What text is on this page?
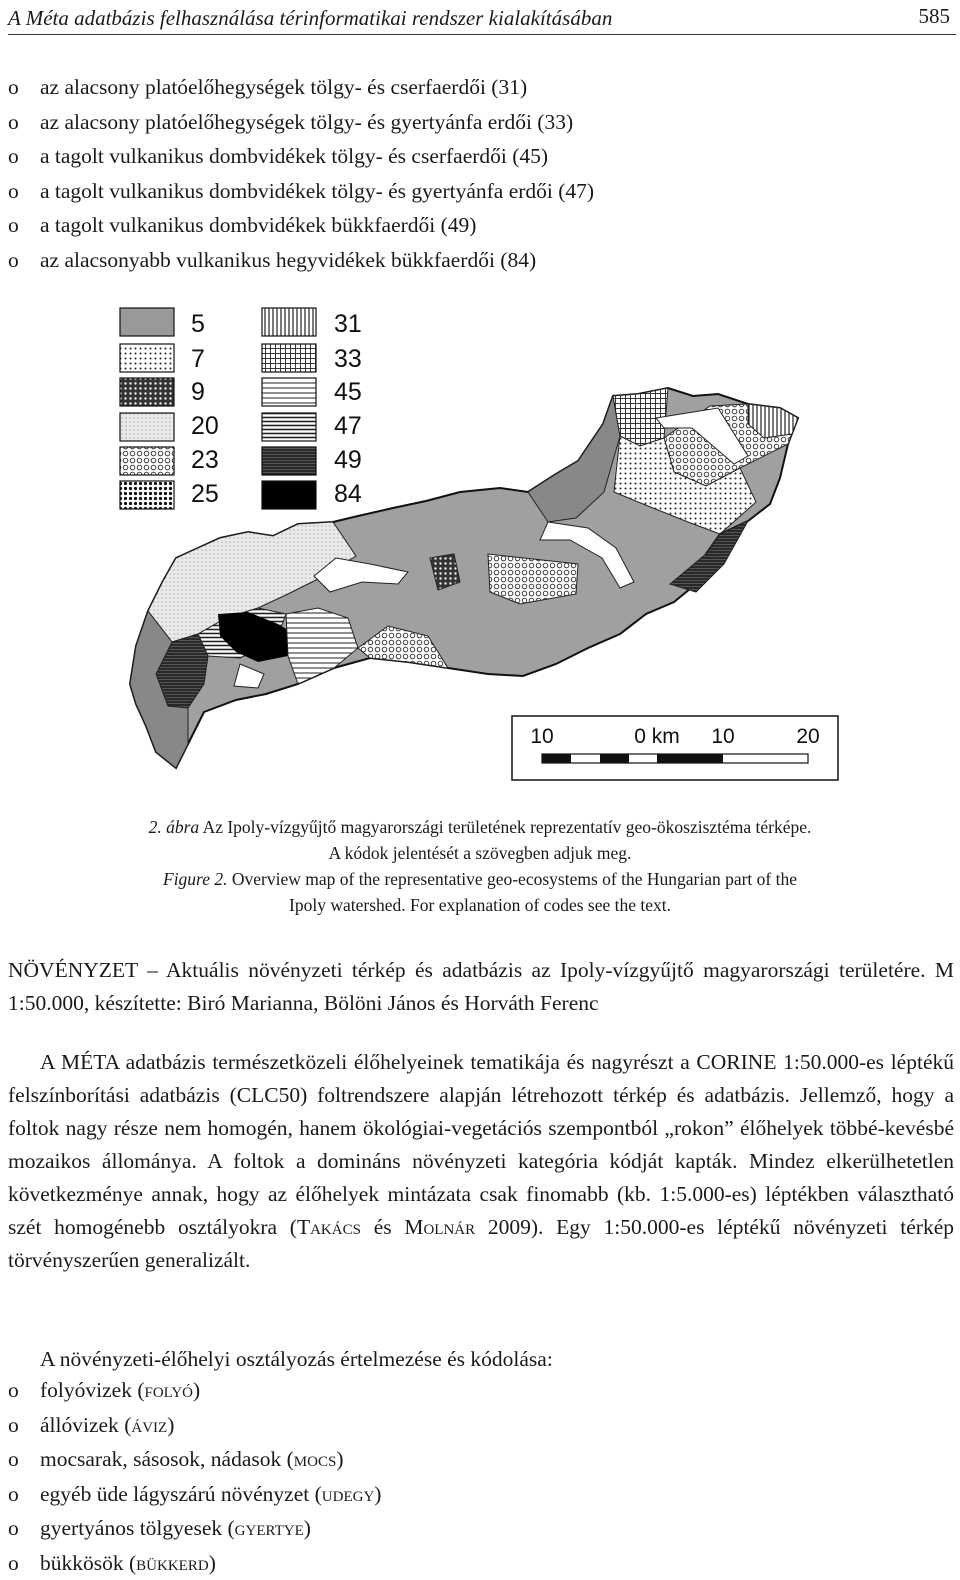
A Méta adatbázis felhasználása térinformatikai rendszer kialakításában	585
o az alacsony platóelőhegységek tölgy- és cserfaerdői (31)
o az alacsony platóelőhegységek tölgy- és gyertyánfa erdői (33)
o a tagolt vulkanikus dombvidékek tölgy- és cserfaerdői (45)
o a tagolt vulkanikus dombvidékek tölgy- és gyertyánfa erdői (47)
o a tagolt vulkanikus dombvidékek bükkfaerdői (49)
o az alacsonyabb vulkanikus hegyvidékek bükkfaerdői (84)
5
7
9
20
23
25
31
33
45
47
49
84
10	0 km 10	20
2. ábra Az Ipoly-vízgyűjtő magyarországi területének reprezentatív geo-ökoszisztéma térképe.
A kódok jelentését a szövegben adjuk meg.
Figure 2. Overview map of the representative geo-ecosystems of the Hungarian part of the
Ipoly watershed. For explanation of codes see the text.
NÖVÉNYZET – Aktuális növényzeti térkép és adatbázis az Ipoly-vízgyűjtő magyarországi területére. M 1:50.000, készítette: Biró Marianna, Bölöni János és Horváth Ferenc
A MÉTA adatbázis természetközeli élőhelyeinek tematikája és nagyrészt a CORINE 1:50.000-es léptékű felszínborítási adatbázis (CLC50) foltrendszere alapján létrehozott térkép és adatbázis. Jellemző, hogy a foltok nagy része nem homogén, hanem ökológiai-vegetációs szempontból „rokon” élőhelyek többé-kevésbé mozaikos állománya. A foltok a domináns növényzeti kategória kódját kapták. Mindez elkerülhetetlen következménye annak, hogy az élőhelyek mintázata csak finomabb (kb. 1:5.000-es) léptékben választható szét homogénebb osztályokra (Takács és Molnár 2009). Egy 1:50.000-es léptékű növényzeti térkép törvényszerűen generalizált.
A növényzeti-élőhelyi osztályozás értelmezése és kódolása:
o folyóvizek (folyó)
o állóvizek (áviz)
o mocsarak, sásosok, nádasok (mocs)
o egyéb üde lágyszárú növényzet (udegy)
o gyertyános tölgyesek (gyertye)
o bükkösök (bükkerd)
